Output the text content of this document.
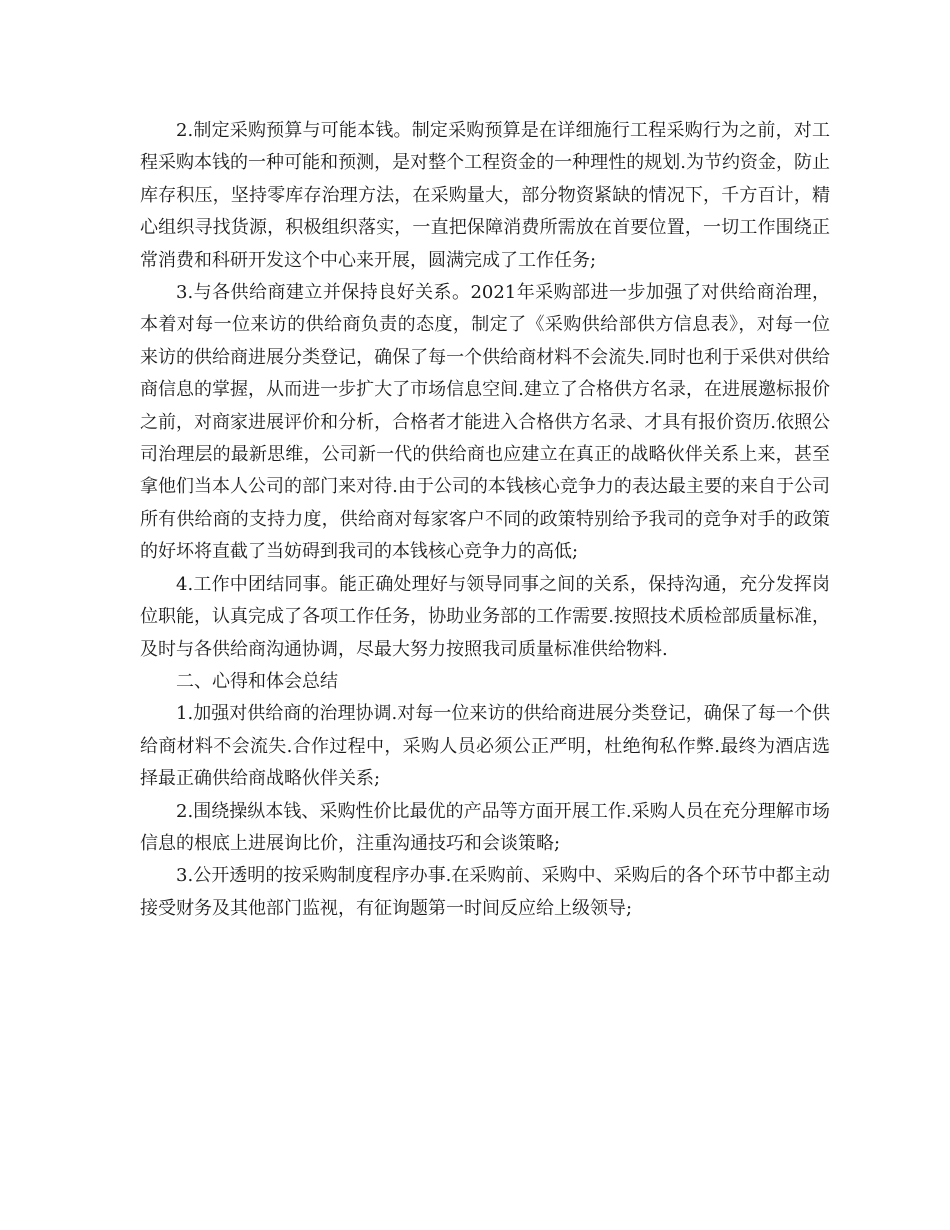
2.制定采购预算与可能本钱。制定采购预算是在详细施行工程采购行为之前，对工程采购本钱的一种可能和预测，是对整个工程资金的一种理性的规划.为节约资金，防止库存积压，坚持零库存治理方法，在采购量大，部分物资紧缺的情况下，千方百计，精心组织寻找货源，积极组织落实，一直把保障消费所需放在首要位置，一切工作围绕正常消费和科研开发这个中心来开展，圆满完成了工作任务;

3.与各供给商建立并保持良好关系。2021年采购部进一步加强了对供给商治理，本着对每一位来访的供给商负责的态度，制定了《采购供给部供方信息表》，对每一位来访的供给商进展分类登记，确保了每一个供给商材料不会流失.同时也利于采供对供给商信息的掌握，从而进一步扩大了市场信息空间.建立了合格供方名录，在进展邀标报价之前，对商家进展评价和分析，合格者才能进入合格供方名录、才具有报价资历.依照公司治理层的最新思维，公司新一代的供给商也应建立在真正的战略伙伴关系上来，甚至拿他们当本人公司的部门来对待.由于公司的本钱核心竞争力的表达最主要的来自于公司所有供给商的支持力度，供给商对每家客户不同的政策特别给予我司的竞争对手的政策的好坏将直截了当妨碍到我司的本钱核心竞争力的高低;

4.工作中团结同事。能正确处理好与领导同事之间的关系，保持沟通，充分发挥岗位职能，认真完成了各项工作任务，协助业务部的工作需要.按照技术质检部质量标准，及时与各供给商沟通协调，尽最大努力按照我司质量标准供给物料.

二、心得和体会总结

1.加强对供给商的治理协调.对每一位来访的供给商进展分类登记，确保了每一个供给商材料不会流失.合作过程中，采购人员必须公正严明，杜绝徇私作弊.最终为酒店选择最正确供给商战略伙伴关系;

2.围绕操纵本钱、采购性价比最优的产品等方面开展工作.采购人员在充分理解市场信息的根底上进展询比价，注重沟通技巧和会谈策略;

3.公开透明的按采购制度程序办事.在采购前、采购中、采购后的各个环节中都主动接受财务及其他部门监视，有征询题第一时间反应给上级领导;
